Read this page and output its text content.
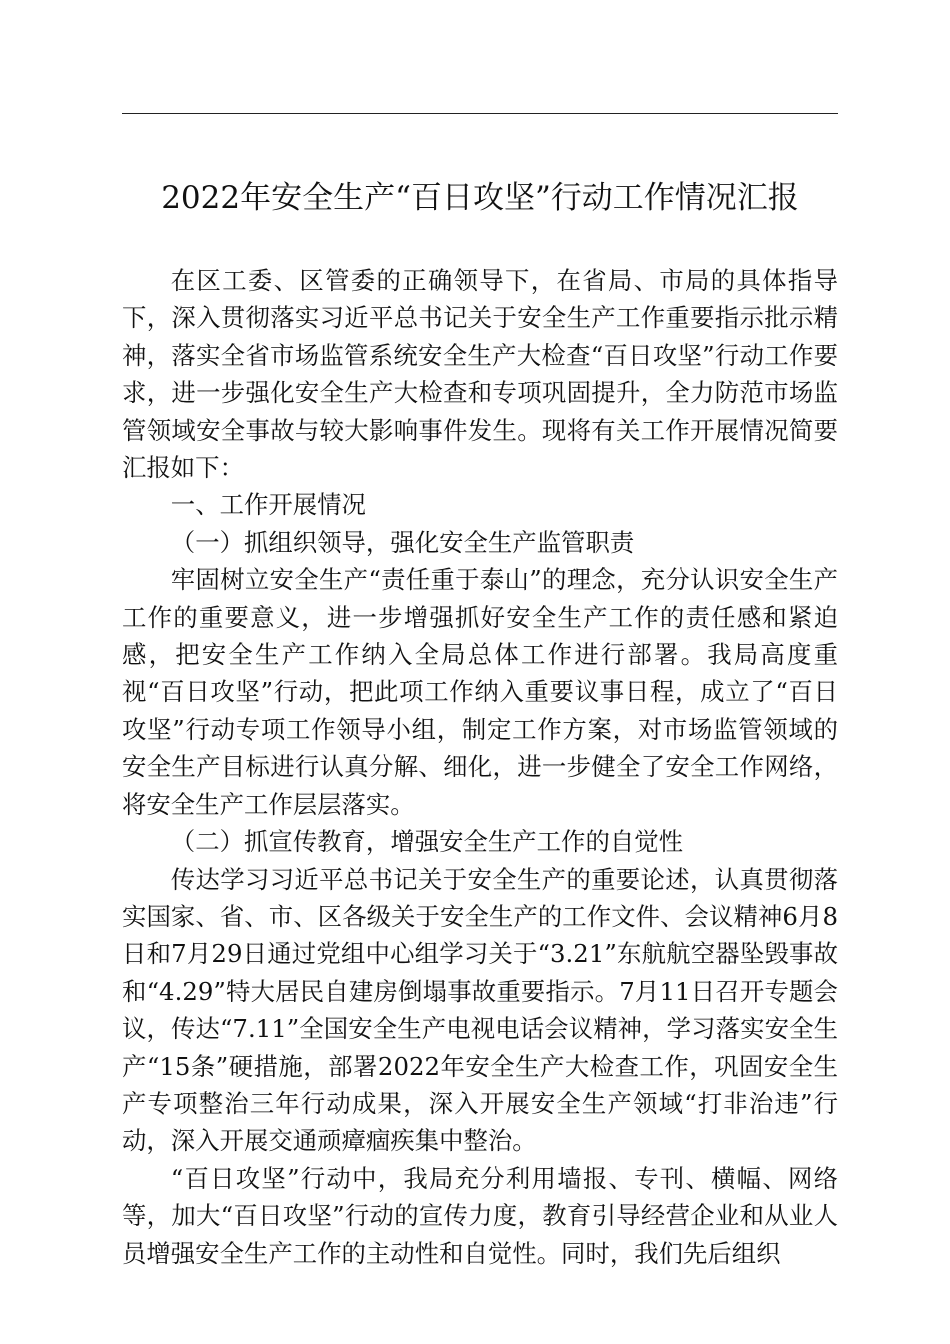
2022年安全生产“百日攻坚”行动工作情况汇报

在区工委、区管委的正确领导下，在省局、市局的具体指导下，深入贯彻落实习近平总书记关于安全生产工作重要指示批示精神，落实全省市场监管系统安全生产大检查“百日攻坚”行动工作要求，进一步强化安全生产大检查和专项巩固提升，全力防范市场监管领域安全事故与较大影响事件发生。现将有关工作开展情况简要汇报如下：

一、工作开展情况

（一）抓组织领导，强化安全生产监管职责

牢固树立安全生产“责任重于泰山”的理念，充分认识安全生产工作的重要意义，进一步增强抓好安全生产工作的责任感和紧迫感，把安全生产工作纳入全局总体工作进行部署。我局高度重视“百日攻坚”行动，把此项工作纳入重要议事日程，成立了“百日攻坚”行动专项工作领导小组，制定工作方案，对市场监管领域的安全生产目标进行认真分解、细化，进一步健全了安全工作网络，将安全生产工作层层落实。

（二）抓宣传教育，增强安全生产工作的自觉性

传达学习习近平总书记关于安全生产的重要论述，认真贯彻落实国家、省、市、区各级关于安全生产的工作文件、会议精神6月8日和7月29日通过党组中心组学习关于“3.21”东航航空器坠毁事故和“4.29”特大居民自建房倒塌事故重要指示。7月11日召开专题会议，传达“7.11”全国安全生产电视电话会议精神，学习落实安全生产“15条”硬措施，部署2022年安全生产大检查工作，巩固安全生产专项整治三年行动成果，深入开展安全生产领域“打非治违”行动，深入开展交通顽瘴痼疾集中整治。

“百日攻坚”行动中，我局充分利用墙报、专刊、横幅、网络等，加大“百日攻坚”行动的宣传力度，教育引导经营企业和从业人员增强安全生产工作的主动性和自觉性。同时，我们先后组织
